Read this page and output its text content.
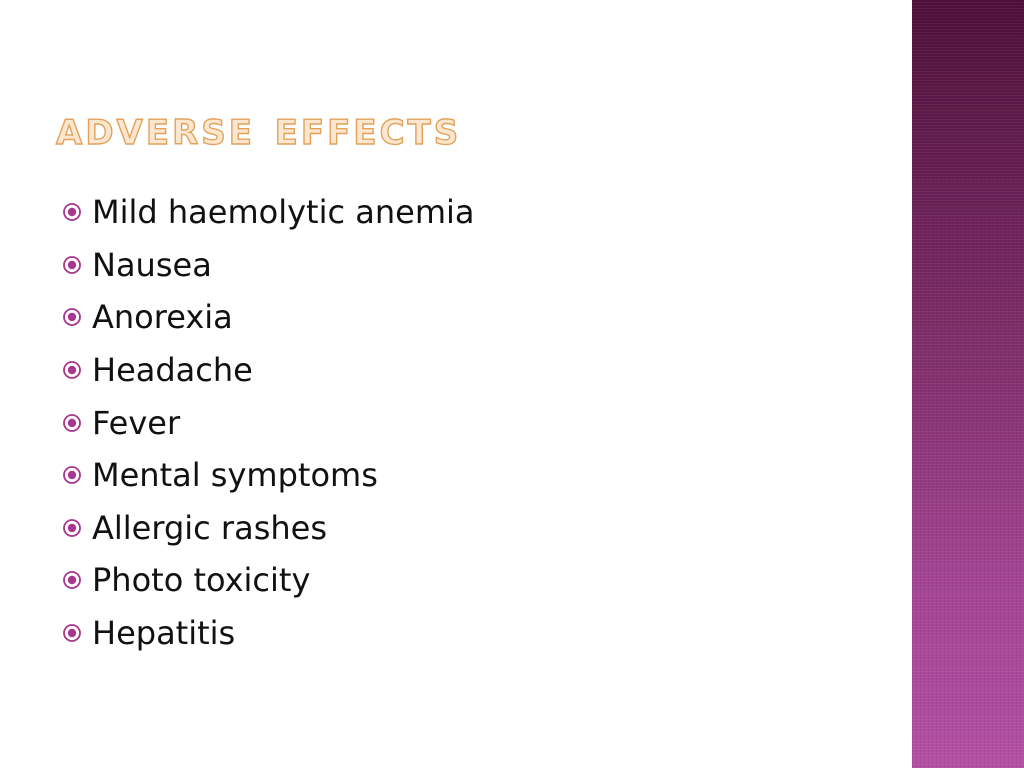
adverse effects
Mild haemolytic anemia
Nausea
Anorexia
Headache
Fever
Mental symptoms
Allergic rashes
Photo toxicity
Hepatitis
